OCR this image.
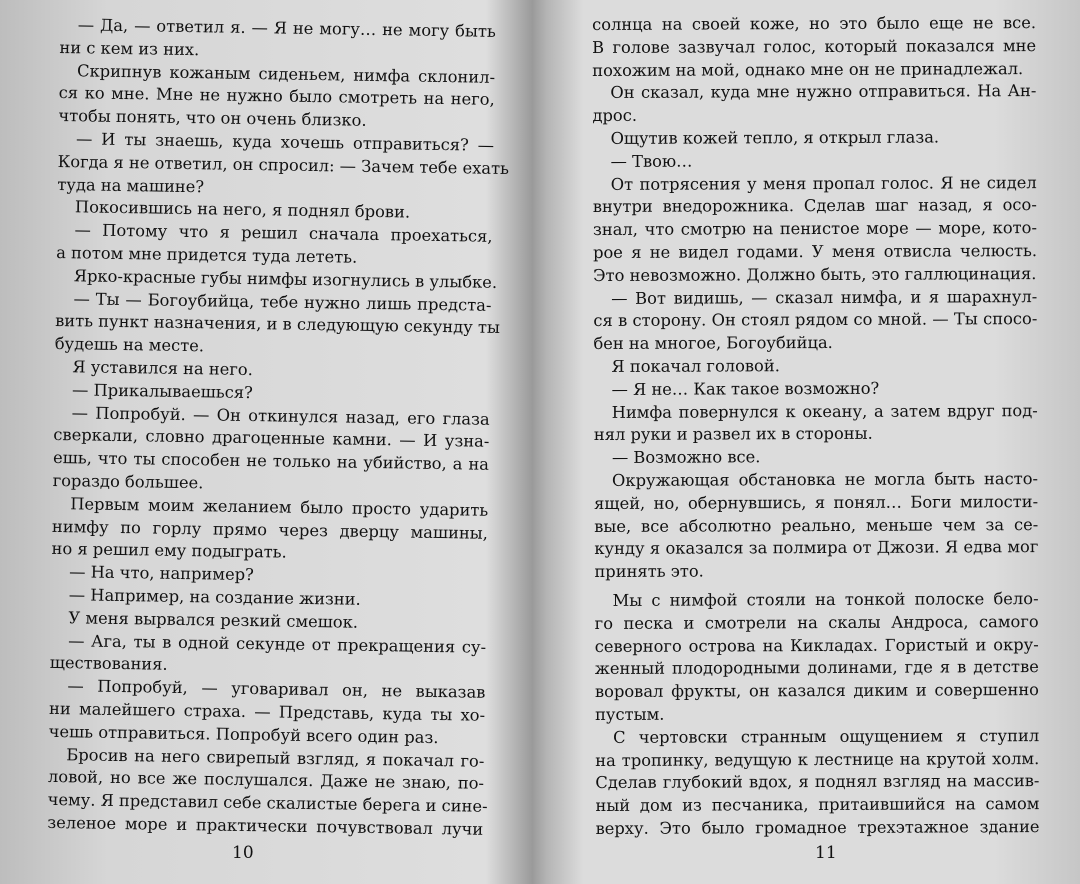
— Да, — ответил я. — Я не могу… не могу быть
ни с кем из них.
Скрипнув кожаным сиденьем, нимфа склонил-
ся ко мне. Мне не нужно было смотреть на него,
чтобы понять, что он очень близко.
— И ты знаешь, куда хочешь отправиться? —
Когда я не ответил, он спросил: — Зачем тебе ехать
туда на машине?
Покосившись на него, я поднял брови.
— Потому что я решил сначала проехаться,
а потом мне придется туда лететь.
Ярко-красные губы нимфы изогнулись в улыбке.
— Ты — Богоубийца, тебе нужно лишь предста-
вить пункт назначения, и в следующую секунду ты
будешь на месте.
Я уставился на него.
— Прикалываешься?
— Попробуй. — Он откинулся назад, его глаза
сверкали, словно драгоценные камни. — И узна-
ешь, что ты способен не только на убийство, а на
гораздо большее.
Первым моим желанием было просто ударить
нимфу по горлу прямо через дверцу машины,
но я решил ему подыграть.
— На что, например?
— Например, на создание жизни.
У меня вырвался резкий смешок.
— Ага, ты в одной секунде от прекращения су-
ществования.
— Попробуй, — уговаривал он, не выказав
ни малейшего страха. — Представь, куда ты хо-
чешь отправиться. Попробуй всего один раз.
Бросив на него свирепый взгляд, я покачал го-
ловой, но все же послушался. Даже не знаю, по-
чему. Я представил себе скалистые берега и сине-
зеленое море и практически почувствовал лучи
10
солнца на своей коже, но это было еще не все.
В голове зазвучал голос, который показался мне
похожим на мой, однако мне он не принадлежал.
Он сказал, куда мне нужно отправиться. На Ан-
дрос.
Ощутив кожей тепло, я открыл глаза.
— Твою…
От потрясения у меня пропал голос. Я не сидел
внутри внедорожника. Сделав шаг назад, я осо-
знал, что смотрю на пенистое море — море, кото-
рое я не видел годами. У меня отвисла челюсть.
Это невозможно. Должно быть, это галлюцинация.
— Вот видишь, — сказал нимфа, и я шарахнул-
ся в сторону. Он стоял рядом со мной. — Ты спосо-
бен на многое, Богоубийца.
Я покачал головой.
— Я не… Как такое возможно?
Нимфа повернулся к океану, а затем вдруг под-
нял руки и развел их в стороны.
— Возможно все.
Окружающая обстановка не могла быть насто-
ящей, но, обернувшись, я понял… Боги милости-
вые, все абсолютно реально, меньше чем за се-
кунду я оказался за полмира от Джози. Я едва мог
принять это.
Мы с нимфой стояли на тонкой полоске бело-
го песка и смотрели на скалы Андроса, самого
северного острова на Кикладах. Гористый и окру-
женный плодородными долинами, где я в детстве
воровал фрукты, он казался диким и совершенно
пустым.
С чертовски странным ощущением я ступил
на тропинку, ведущую к лестнице на крутой холм.
Сделав глубокий вдох, я поднял взгляд на массив-
ный дом из песчаника, притаившийся на самом
верху. Это было громадное трехэтажное здание
11
